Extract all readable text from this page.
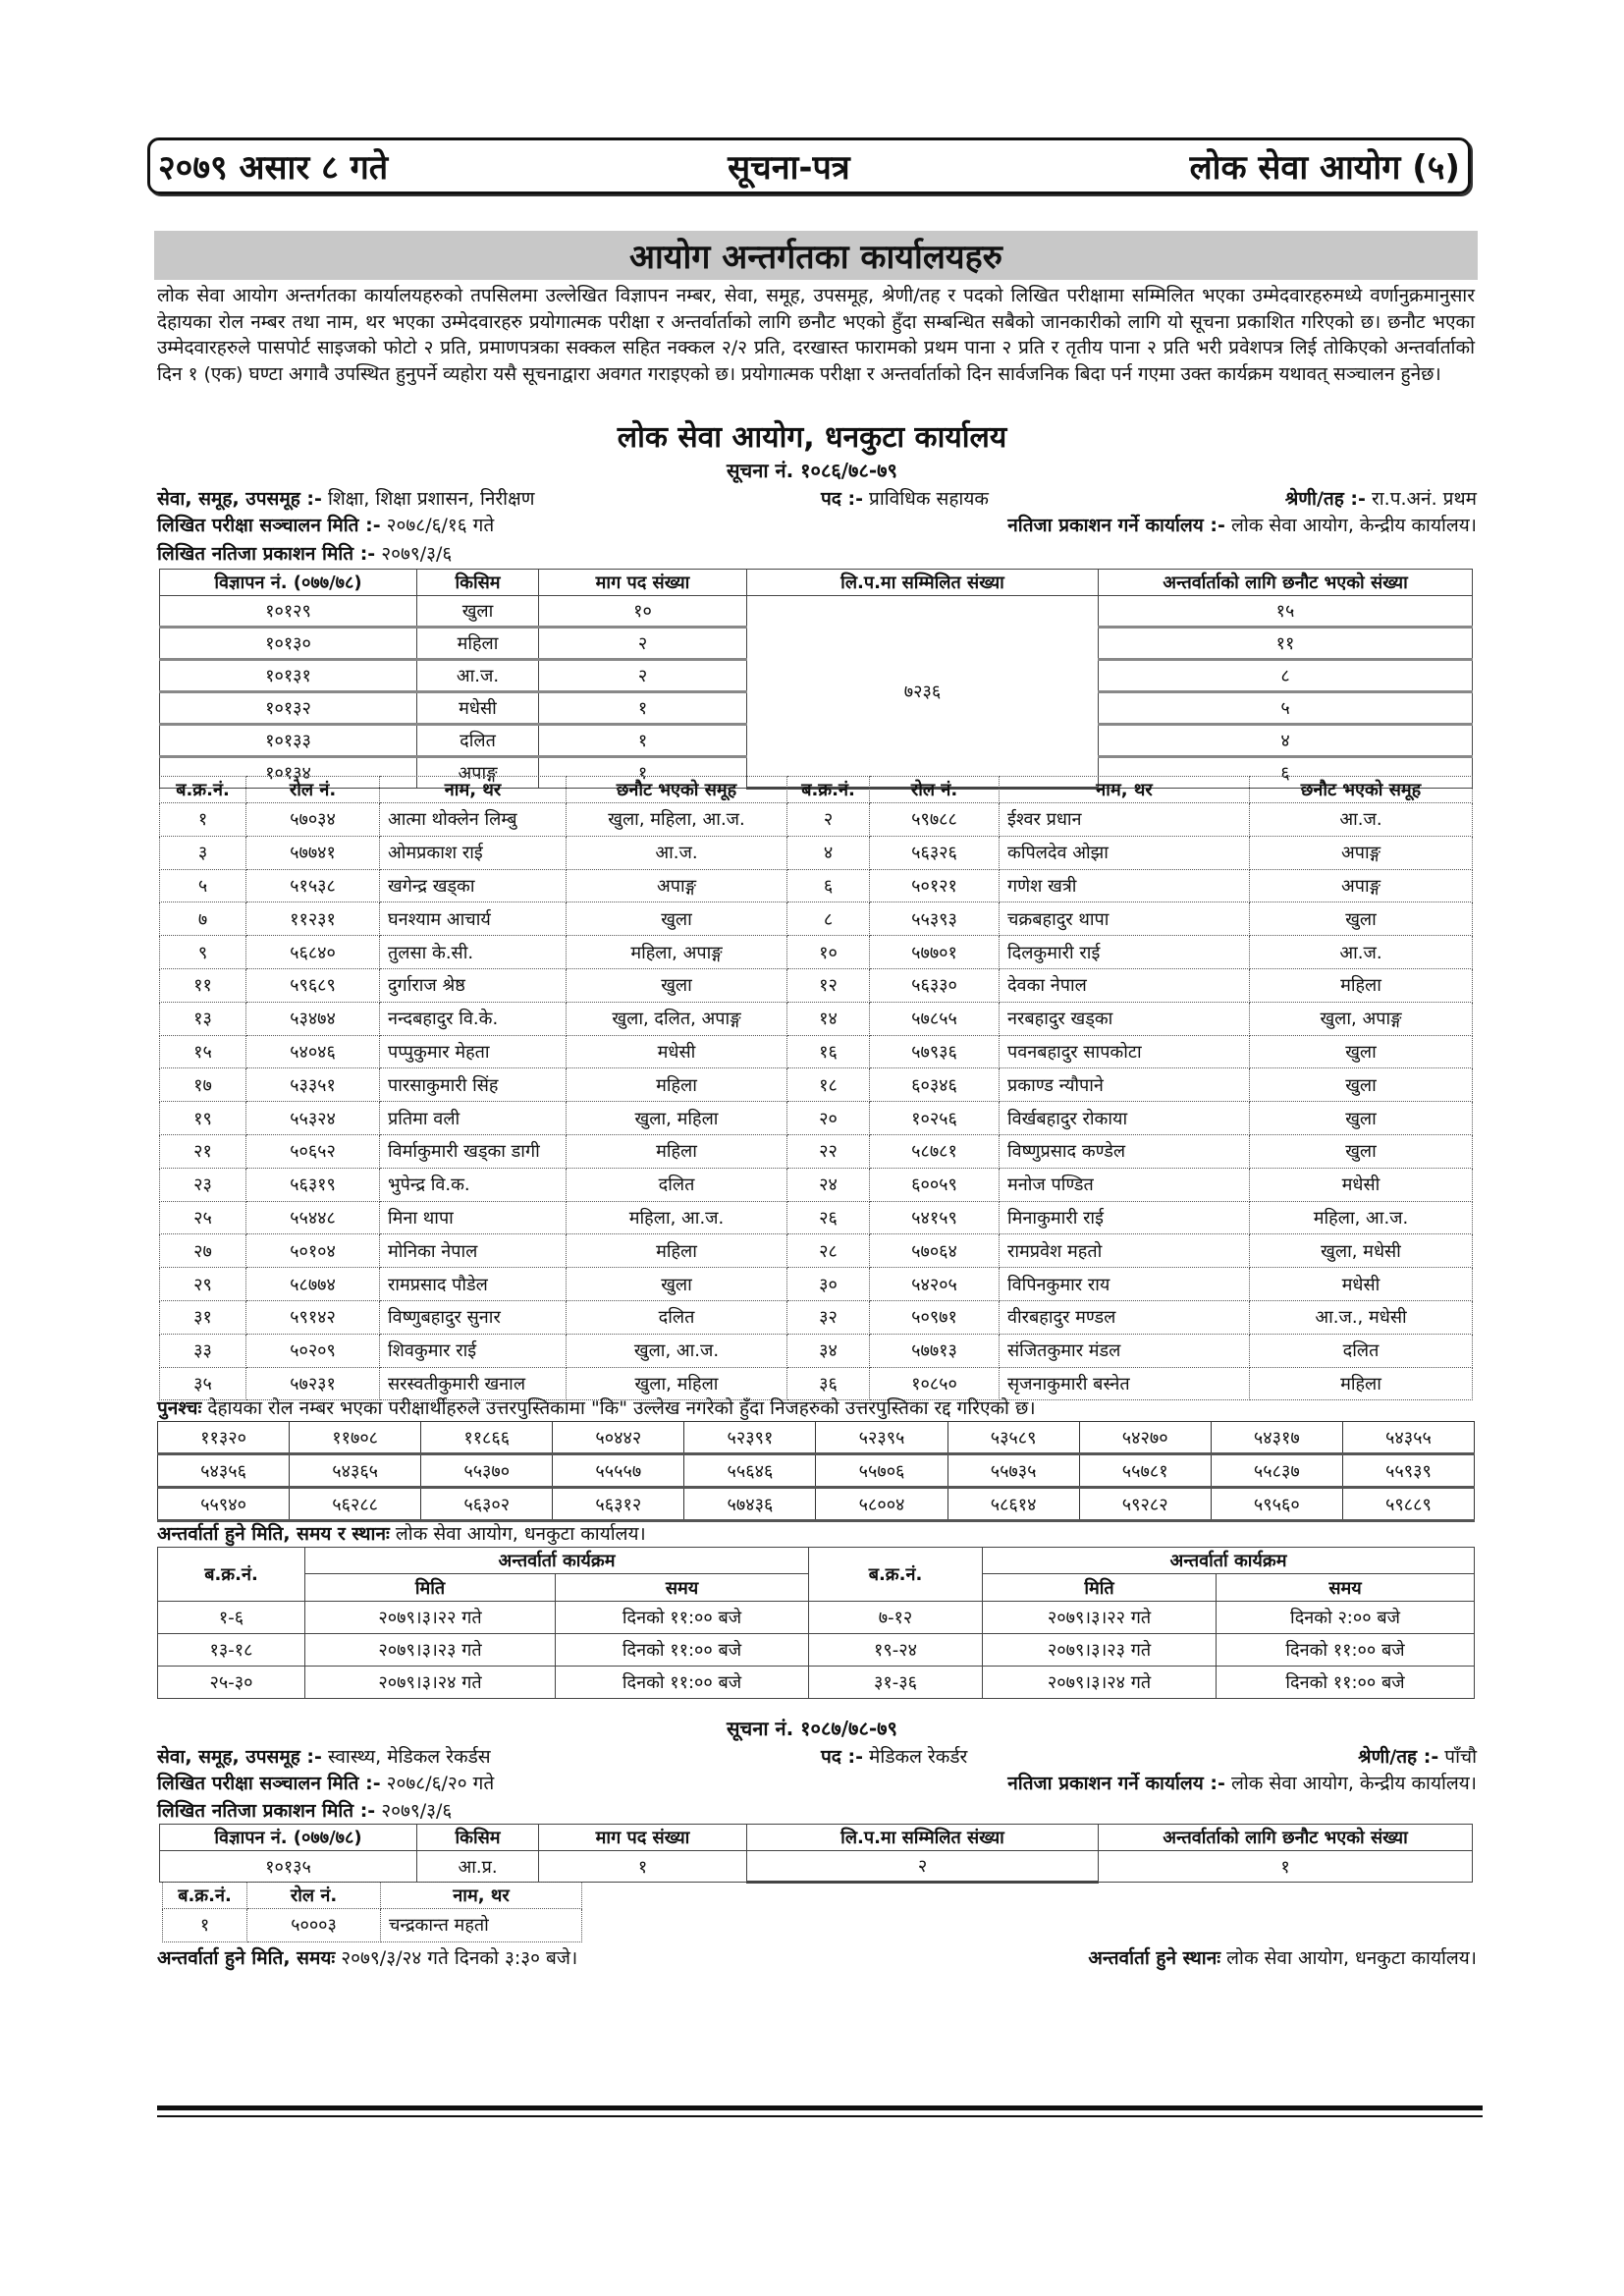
२०७९ असार ८ गते	सूचना-पत्र	लोक सेवा आयोग (५)
आयोग अन्तर्गतका कार्यालयहरु
लोक सेवा आयोग अन्तर्गतका कार्यालयहरुको तपसिलमा उल्लेखित विज्ञापन नम्बर, सेवा, समूह, उपसमूह, श्रेणी/तह र पदको लिखित परीक्षामा सम्मिलित भएका उम्मेदवारहरुमध्ये वर्णानुक्रमानुसार देहायका रोल नम्बर तथा नाम, थर भएका उम्मेदवारहरु प्रयोगात्मक परीक्षा र अन्तर्वार्ताको लागि छनौट भएको हुँदा सम्बन्धित सबैको जानकारीको लागि यो सूचना प्रकाशित गरिएको छ। छनौट भएका उम्मेदवारहरुले पासपोर्ट साइजको फोटो २ प्रति, प्रमाणपत्रका सक्कल सहित नक्कल २/२ प्रति, दरखास्त फारामको प्रथम पाना २ प्रति र तृतीय पाना २ प्रति भरी प्रवेशपत्र लिई तोकिएको अन्तर्वार्ताको दिन १ (एक) घण्टा अगावै उपस्थित हुनुपर्ने व्यहोरा यसै सूचनाद्वारा अवगत गराइएको छ। प्रयोगात्मक परीक्षा र अन्तर्वार्ताको दिन सार्वजनिक बिदा पर्न गएमा उक्त कार्यक्रम यथावत् सञ्चालन हुनेछ।
लोक सेवा आयोग, धनकुटा कार्यालय
सूचना नं. १०८६/७८-७९
सेवा, समूह, उपसमूह :- शिक्षा, शिक्षा प्रशासन, निरीक्षण	पद :- प्राविधिक सहायक	श्रेणी/तह :- रा.प.अनं. प्रथम
लिखित परीक्षा सञ्चालन मिति :- २०७८/६/१६ गते	नतिजा प्रकाशन गर्ने कार्यालय :- लोक सेवा आयोग, केन्द्रीय कार्यालय।
लिखित नतिजा प्रकाशन मिति :- २०७९/३/६
विज्ञापन नं. (०७७/७८)	किसिम	माग पद संख्या	लि.प.मा सम्मिलित संख्या	अन्तर्वार्ताको लागि छनौट भएको संख्या
१०१२९	खुला	१०	७२३६	१५
१०१३०	महिला	२		११
१०१३१	आ.ज.	२		८
१०१३२	मधेसी	१		५
१०१३३	दलित	१		४
१०१३४	अपाङ्ग	१		६
ब.क्र.नं.	रोल नं.	नाम, थर	छनौट भएको समूह	ब.क्र.नं.	रोल नं.	नाम, थर	छनौट भएको समूह
१	५७०३४	आत्मा थोक्लेन लिम्बु	खुला, महिला, आ.ज.	२	५९७८८	ईश्वर प्रधान	आ.ज.
३	५७७४१	ओमप्रकाश राई	आ.ज.	४	५६३२६	कपिलदेव ओझा	अपाङ्ग
५	५१५३८	खगेन्द्र खड्का	अपाङ्ग	६	५०१२१	गणेश खत्री	अपाङ्ग
७	११२३१	घनश्याम आचार्य	खुला	८	५५३९३	चक्रबहादुर थापा	खुला
९	५६८४०	तुलसा के.सी.	महिला, अपाङ्ग	१०	५७७०१	दिलकुमारी राई	आ.ज.
११	५९६८९	दुर्गाराज श्रेष्ठ	खुला	१२	५६३३०	देवका नेपाल	महिला
१३	५३४७४	नन्दबहादुर वि.के.	खुला, दलित, अपाङ्ग	१४	५७८५५	नरबहादुर खड्का	खुला, अपाङ्ग
१५	५४०४६	पप्पुकुमार मेहता	मधेसी	१६	५७९३६	पवनबहादुर सापकोटा	खुला
१७	५३३५१	पारसाकुमारी सिंह	महिला	१८	६०३४६	प्रकाण्ड न्यौपाने	खुला
१९	५५३२४	प्रतिमा वली	खुला, महिला	२०	१०२५६	विर्खबहादुर रोकाया	खुला
२१	५०६५२	विर्माकुमारी खड्का डागी	महिला	२२	५८७८१	विष्णुप्रसाद कण्डेल	खुला
२३	५६३१९	भुपेन्द्र वि.क.	दलित	२४	६००५९	मनोज पण्डित	मधेसी
२५	५५४४८	मिना थापा	महिला, आ.ज.	२६	५४१५९	मिनाकुमारी राई	महिला, आ.ज.
२७	५०१०४	मोनिका नेपाल	महिला	२८	५७०६४	रामप्रवेश महतो	खुला, मधेसी
२९	५८७७४	रामप्रसाद पौडेल	खुला	३०	५४२०५	विपिनकुमार राय	मधेसी
३१	५९१४२	विष्णुबहादुर सुनार	दलित	३२	५०९७१	वीरबहादुर मण्डल	आ.ज., मधेसी
३३	५०२०९	शिवकुमार राई	खुला, आ.ज.	३४	५७७१३	संजितकुमार मंडल	दलित
३५	५७२३१	सरस्वतीकुमारी खनाल	खुला, महिला	३६	१०८५०	सृजनाकुमारी बस्नेत	महिला
पुनश्चः देहायका रोल नम्बर भएका परीक्षार्थीहरुले उत्तरपुस्तिकामा "कि" उल्लेख नगरेको हुँदा निजहरुको उत्तरपुस्तिका रद्द गरिएको छ।
११३२०	११७०८	११८६६	५०४४२	५२३९१	५२३९५	५३५८९	५४२७०	५४३१७	५४३५५
५४३५६	५४३६५	५५३७०	५५५५७	५५६४६	५५७०६	५५७३५	५५७८१	५५८३७	५५९३९
५५९४०	५६२८८	५६३०२	५६३१२	५७४३६	५८००४	५८६१४	५९२८२	५९५६०	५९८८९
अन्तर्वार्ता हुने मिति, समय र स्थानः लोक सेवा आयोग, धनकुटा कार्यालय।
ब.क्र.नं.	अन्तर्वार्ता कार्यक्रम		ब.क्र.नं.	अन्तर्वार्ता कार्यक्रम	
	मिति	समय		मिति	समय
१-६	२०७९।३।२२ गते	दिनको ११:०० बजे	७-१२	२०७९।३।२२ गते	दिनको २:०० बजे
१३-१८	२०७९।३।२३ गते	दिनको ११:०० बजे	१९-२४	२०७९।३।२३ गते	दिनको ११:०० बजे
२५-३०	२०७९।३।२४ गते	दिनको ११:०० बजे	३१-३६	२०७९।३।२४ गते	दिनको ११:०० बजे
सूचना नं. १०८७/७८-७९
सेवा, समूह, उपसमूह :- स्वास्थ्य, मेडिकल रेकर्डस	पद :- मेडिकल रेकर्डर	श्रेणी/तह :- पाँचौ
लिखित परीक्षा सञ्चालन मिति :- २०७८/६/२० गते	नतिजा प्रकाशन गर्ने कार्यालय :- लोक सेवा आयोग, केन्द्रीय कार्यालय।
लिखित नतिजा प्रकाशन मिति :- २०७९/३/६
विज्ञापन नं. (०७७/७८)	किसिम	माग पद संख्या	लि.प.मा सम्मिलित संख्या	अन्तर्वार्ताको लागि छनौट भएको संख्या
१०१३५	आ.प्र.	१	२	१
ब.क्र.नं.	रोल नं.	नाम, थर
१	५०००३	चन्द्रकान्त महतो
अन्तर्वार्ता हुने मिति, समयः २०७९/३/२४ गते दिनको ३:३० बजे।	अन्तर्वार्ता हुने स्थानः लोक सेवा आयोग, धनकुटा कार्यालय।
